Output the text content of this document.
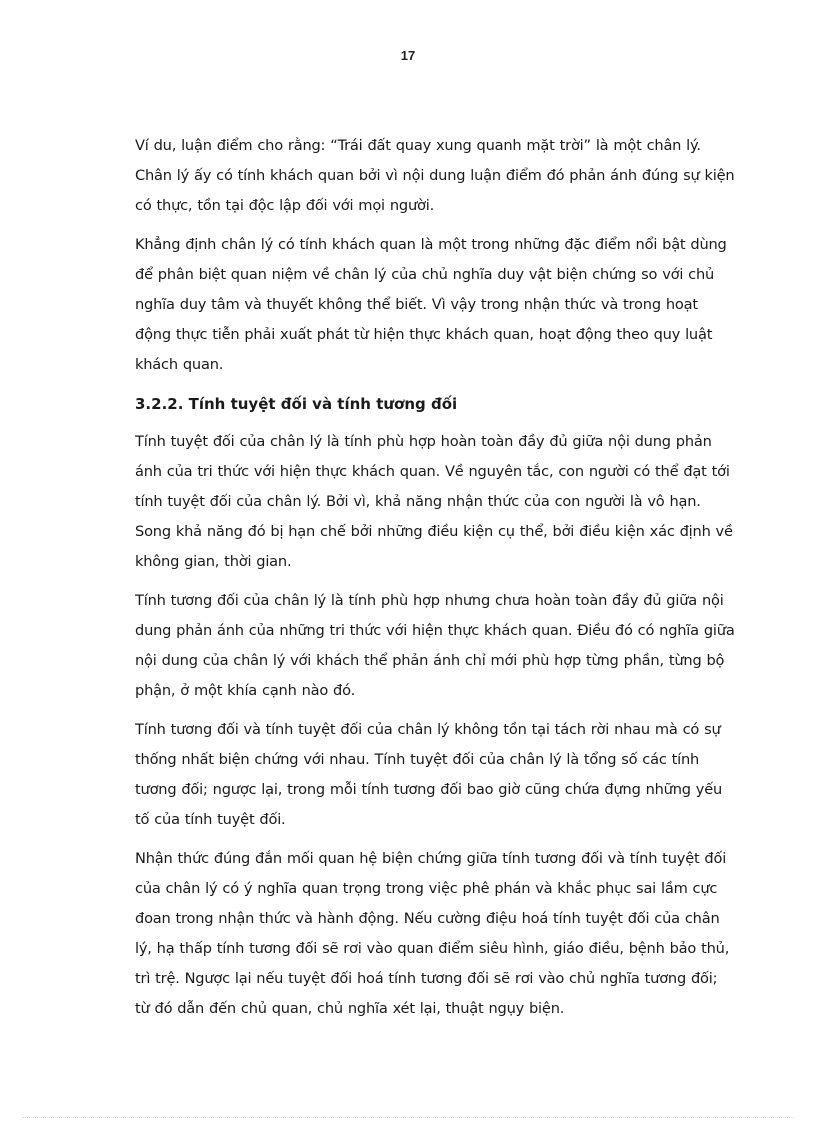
17

Ví du, luận điểm cho rằng: “Trái đất quay xung quanh mặt trời” là một chân lý. Chân lý ấy có tính khách quan bởi vì nội dung luận điểm đó phản ánh đúng sự kiện có thực, tồn tại độc lập đối với mọi người.

Khẳng định chân lý có tính khách quan là một trong những đặc điểm nổi bật dùng để phân biệt quan niệm về chân lý của chủ nghĩa duy vật biện chứng so với chủ nghĩa duy tâm và thuyết không thể biết. Vì vậy trong nhận thức và trong hoạt động thực tiễn phải xuất phát từ hiện thực khách quan, hoạt động theo quy luật khách quan.

3.2.2. Tính tuyệt đối và tính tương đối

Tính tuyệt đối của chân lý là tính phù hợp hoàn toàn đầy đủ giữa nội dung phản ánh của tri thức với hiện thực khách quan. Về nguyên tắc, con người có thể đạt tới tính tuyệt đối của chân lý. Bởi vì, khả năng nhận thức của con người là vô hạn. Song khả năng đó bị hạn chế bởi những điều kiện cụ thể, bởi điều kiện xác định về không gian, thời gian.

Tính tương đối của chân lý là tính phù hợp nhưng chưa hoàn toàn đầy đủ giữa nội dung phản ánh của những tri thức với hiện thực khách quan. Điều đó có nghĩa giữa nội dung của chân lý với khách thể phản ánh chỉ mới phù hợp từng phần, từng bộ phận, ở một khía cạnh nào đó.

Tính tương đối và tính tuyệt đối của chân lý không tồn tại tách rời nhau mà có sự thống nhất biện chứng với nhau. Tính tuyệt đối của chân lý là tổng số các tính tương đối; ngược lại, trong mỗi tính tương đối bao giờ cũng chứa đựng những yếu tố của tính tuyệt đối.

Nhận thức đúng đắn mối quan hệ biện chứng giữa tính tương đối và tính tuyệt đối của chân lý có ý nghĩa quan trọng trong việc phê phán và khắc phục sai lầm cực đoan trong nhận thức và hành động. Nếu cường điệu hoá tính tuyệt đối của chân lý, hạ thấp tính tương đối sẽ rơi vào quan điểm siêu hình, giáo điều, bệnh bảo thủ, trì trệ. Ngược lại nếu tuyệt đối hoá tính tương đối sẽ rơi vào chủ nghĩa tương đối; từ đó dẫn đến chủ quan, chủ nghĩa xét lại, thuật ngụy biện.
